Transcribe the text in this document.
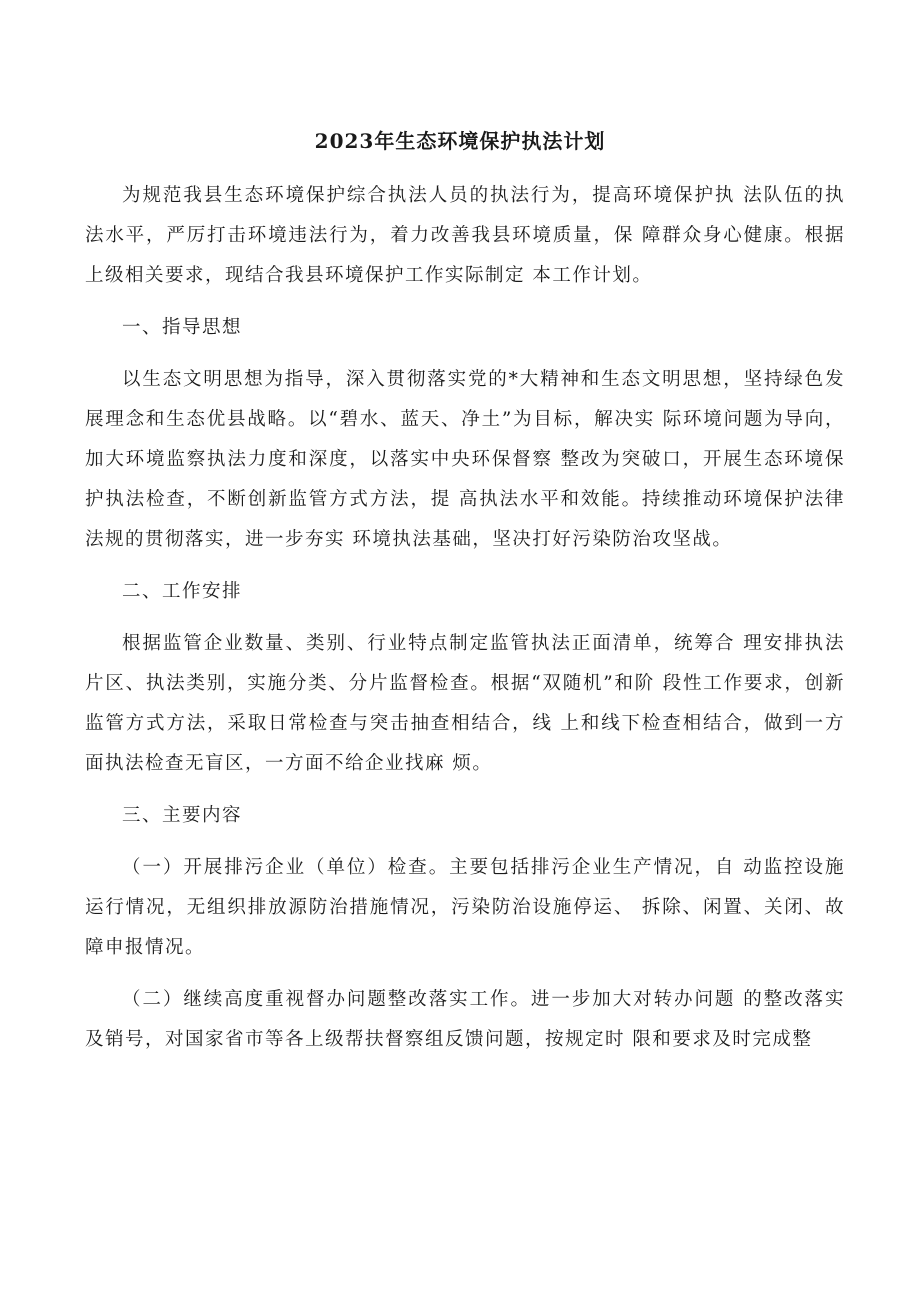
2023年生态环境保护执法计划

为规范我县生态环境保护综合执法人员的执法行为，提高环境保护执 法队伍的执法水平，严厉打击环境违法行为，着力改善我县环境质量，保 障群众身心健康。根据上级相关要求，现结合我县环境保护工作实际制定 本工作计划。

一、指导思想

以生态文明思想为指导，深入贯彻落实党的*大精神和生态文明思想，坚持绿色发展理念和生态优县战略。以“碧水、蓝天、净土”为目标，解决实 际环境问题为导向，加大环境监察执法力度和深度，以落实中央环保督察 整改为突破口，开展生态环境保护执法检查，不断创新监管方式方法，提 高执法水平和效能。持续推动环境保护法律法规的贯彻落实，进一步夯实 环境执法基础，坚决打好污染防治攻坚战。

二、工作安排

根据监管企业数量、类别、行业特点制定监管执法正面清单，统筹合 理安排执法片区、执法类别，实施分类、分片监督检查。根据“双随机”和阶 段性工作要求，创新监管方式方法，采取日常检查与突击抽查相结合，线 上和线下检查相结合，做到一方面执法检查无盲区，一方面不给企业找麻 烦。

三、主要内容

（一）开展排污企业（单位）检查。主要包括排污企业生产情况，自 动监控设施运行情况，无组织排放源防治措施情况，污染防治设施停运、 拆除、闲置、关闭、故障申报情况。

（二）继续高度重视督办问题整改落实工作。进一步加大对转办问题 的整改落实及销号，对国家省市等各上级帮扶督察组反馈问题，按规定时 限和要求及时完成整
